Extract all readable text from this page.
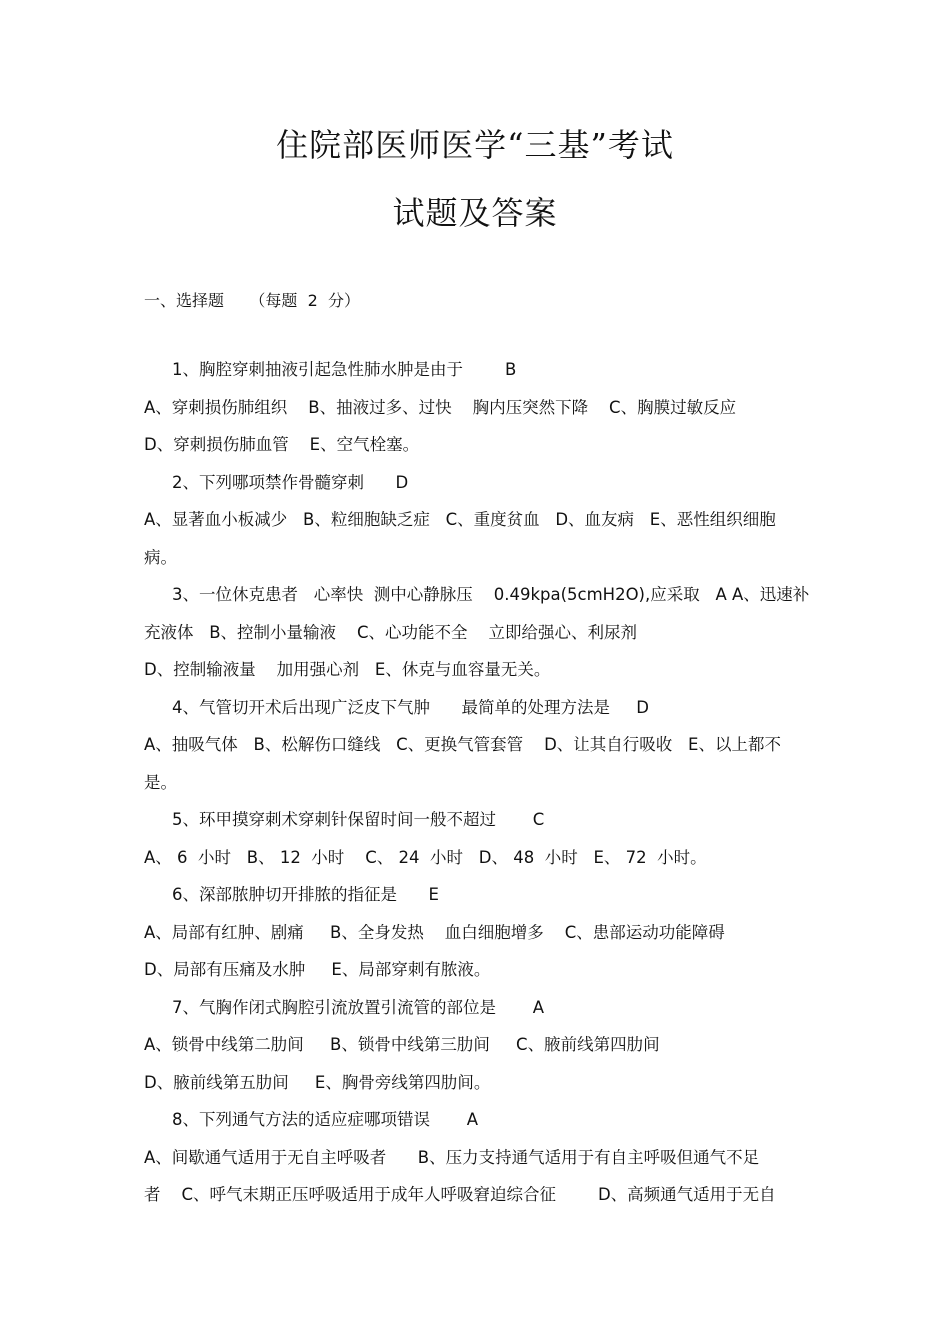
住院部医师医学“三基”考试
试题及答案
一、选择题     （每题  2  分）
1、胸腔穿刺抽液引起急性肺水肿是由于        B
A、穿刺损伤肺组织    B、抽液过多、过快    胸内压突然下降    C、胸膜过敏反应
D、穿刺损伤肺血管    E、空气栓塞。
2、下列哪项禁作骨髓穿刺      D
A、显著血小板减少   B、粒细胞缺乏症   C、重度贫血   D、血友病   E、恶性组织细胞
病。
3、一位休克患者   心率快  测中心静脉压    0.49kpa(5cmH2O),应采取   A A、迅速补
充液体   B、控制小量输液    C、心功能不全    立即给强心、利尿剂
D、控制输液量    加用强心剂   E、休克与血容量无关。
4、气管切开术后出现广泛皮下气肿      最简单的处理方法是     D
A、抽吸气体   B、松解伤口缝线   C、更换气管套管    D、让其自行吸收   E、以上都不
是。
5、环甲摸穿刺术穿刺针保留时间一般不超过       C
A、 6  小时   B、 12  小时    C、 24  小时   D、 48  小时   E、 72  小时。
6、深部脓肿切开排脓的指征是      E
A、局部有红肿、剧痛     B、全身发热    血白细胞增多    C、患部运动功能障碍
D、局部有压痛及水肿     E、局部穿刺有脓液。
7、气胸作闭式胸腔引流放置引流管的部位是       A
A、锁骨中线第二肋间     B、锁骨中线第三肋间     C、腋前线第四肋间
D、腋前线第五肋间     E、胸骨旁线第四肋间。
8、下列通气方法的适应症哪项错误       A
A、间歇通气适用于无自主呼吸者      B、压力支持通气适用于有自主呼吸但通气不足
者    C、呼气末期正压呼吸适用于成年人呼吸窘迫综合征        D、高频通气适用于无自
